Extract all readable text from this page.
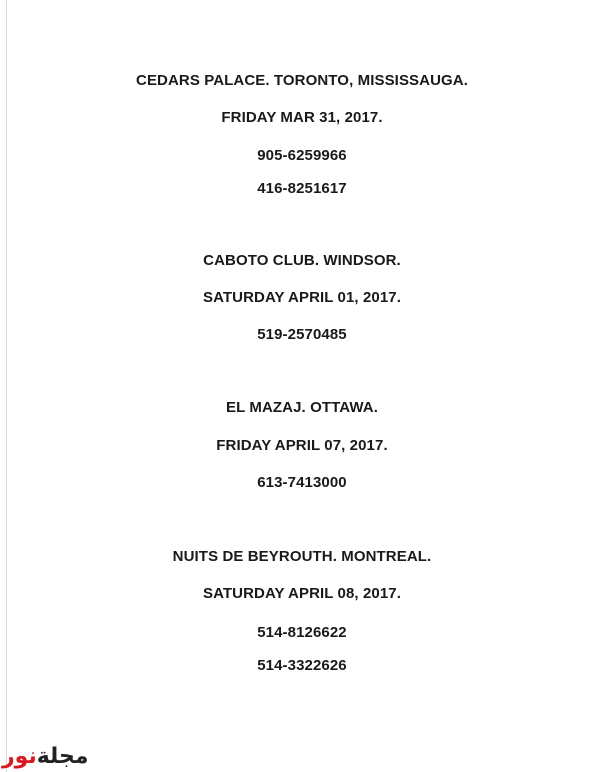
CEDARS PALACE. TORONTO, MISSISSAUGA.
FRIDAY MAR 31, 2017.
905-6259966
416-8251617
CABOTO CLUB. WINDSOR.
SATURDAY APRIL 01, 2017.
519-2570485
EL MAZAJ. OTTAWA.
FRIDAY APRIL 07, 2017.
613-7413000
NUITS DE BEYROUTH. MONTREAL.
SATURDAY APRIL 08, 2017.
514-8126622
514-3322626
مجلة
نور
